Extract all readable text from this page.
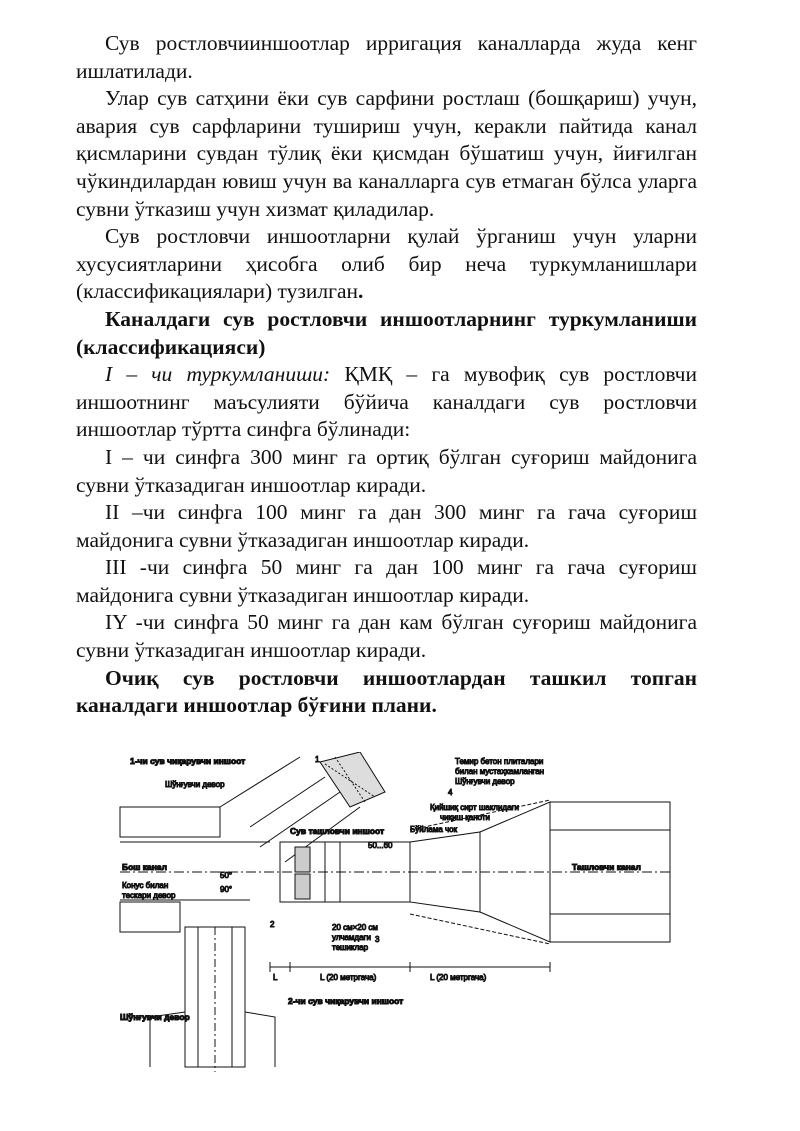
Сув ростловчииншоотлар ирригация каналларда жуда кенг ишлатилади.

Улар сув сатҳини ёки сув сарфини ростлаш (бошқариш) учун, авария сув сарфларини тушириш учун, керакли пайтида канал қисмларини сувдан тўлиқ ёки қисмдан бўшатиш учун, йиғилган чўкиндилардан ювиш учун ва каналларга сув етмаган бўлса уларга сувни ўтказиш учун хизмат қиладилар.

Сув ростловчи иншоотларни қулай ўрганиш учун уларни хусусиятларини ҳисобга олиб бир неча туркумланишлари (классификациялари) тузилган.

Каналдаги сув ростловчи иншоотларнинг туркумланиши (классификацияси)

I – чи туркумланиши: ҚМҚ – га мувофиқ сув ростловчи иншоотнинг маъсулияти бўйича каналдаги сув ростловчи иншоотлар тўртта синфга бўлинади:

I – чи синфга 300 минг га ортиқ бўлган суғориш майдонига сувни ўтказадиган иншоотлар киради.

II –чи синфга 100 минг га дан 300 минг га гача суғориш майдонига сувни ўтказадиган иншоотлар киради.

III -чи синфга 50 минг га дан 100 минг га гача суғориш майдонига сувни ўтказадиган иншоотлар киради.

IY -чи синфга 50 минг га дан кам бўлган суғориш майдонига сувни ўтказадиган иншоотлар киради.

Очиқ сув ростловчи иншоотлардан ташкил топган каналдаги иншоотлар бўғини плани.

1-чи сув чиқарувчи иншоот
Шўнғувчи девор
Темир бетон плиталари
билан мустаҳкамланган
Шўнғувчи девор
Қийшиқ сирт шаклидаги
чиқиш қаноти
Сув ташловчи иншоот
50...60
Бўйлама чок
Бош канал
Конус билан
тескари девор
Ташловчи канал
50°
90°
20 см×20 см
улчамдаги
тешиклар
L	L (20 метргача)	L (20 метргача)
Шўнғувчи девор
2-чи сув чиқарувчи иншоот
4
3
2
1
